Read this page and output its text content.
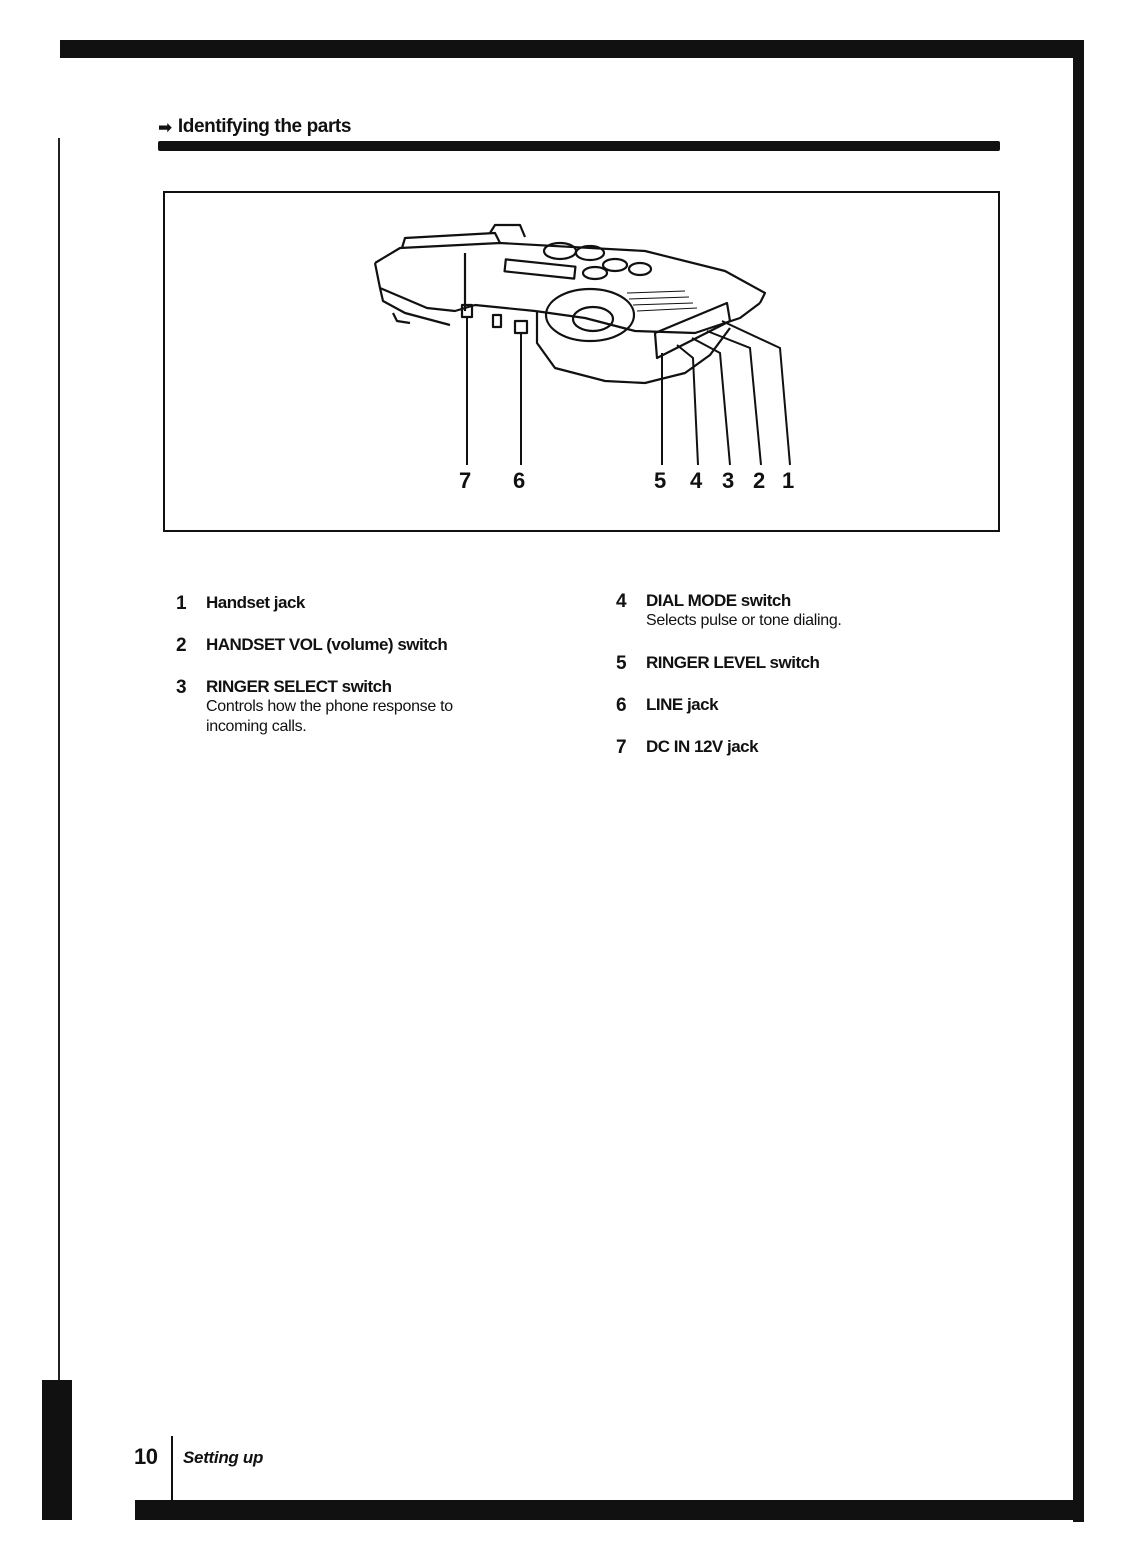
➡ Identifying the parts
7 6	5 4 3 2 1
1	Handset jack
2	HANDSET VOL (volume) switch
3	RINGER SELECT switch
Controls how the phone response to incoming calls.
4	DIAL MODE switch
Selects pulse or tone dialing.
5	RINGER LEVEL switch
6	LINE jack
7	DC IN 12V jack
10 Setting up
